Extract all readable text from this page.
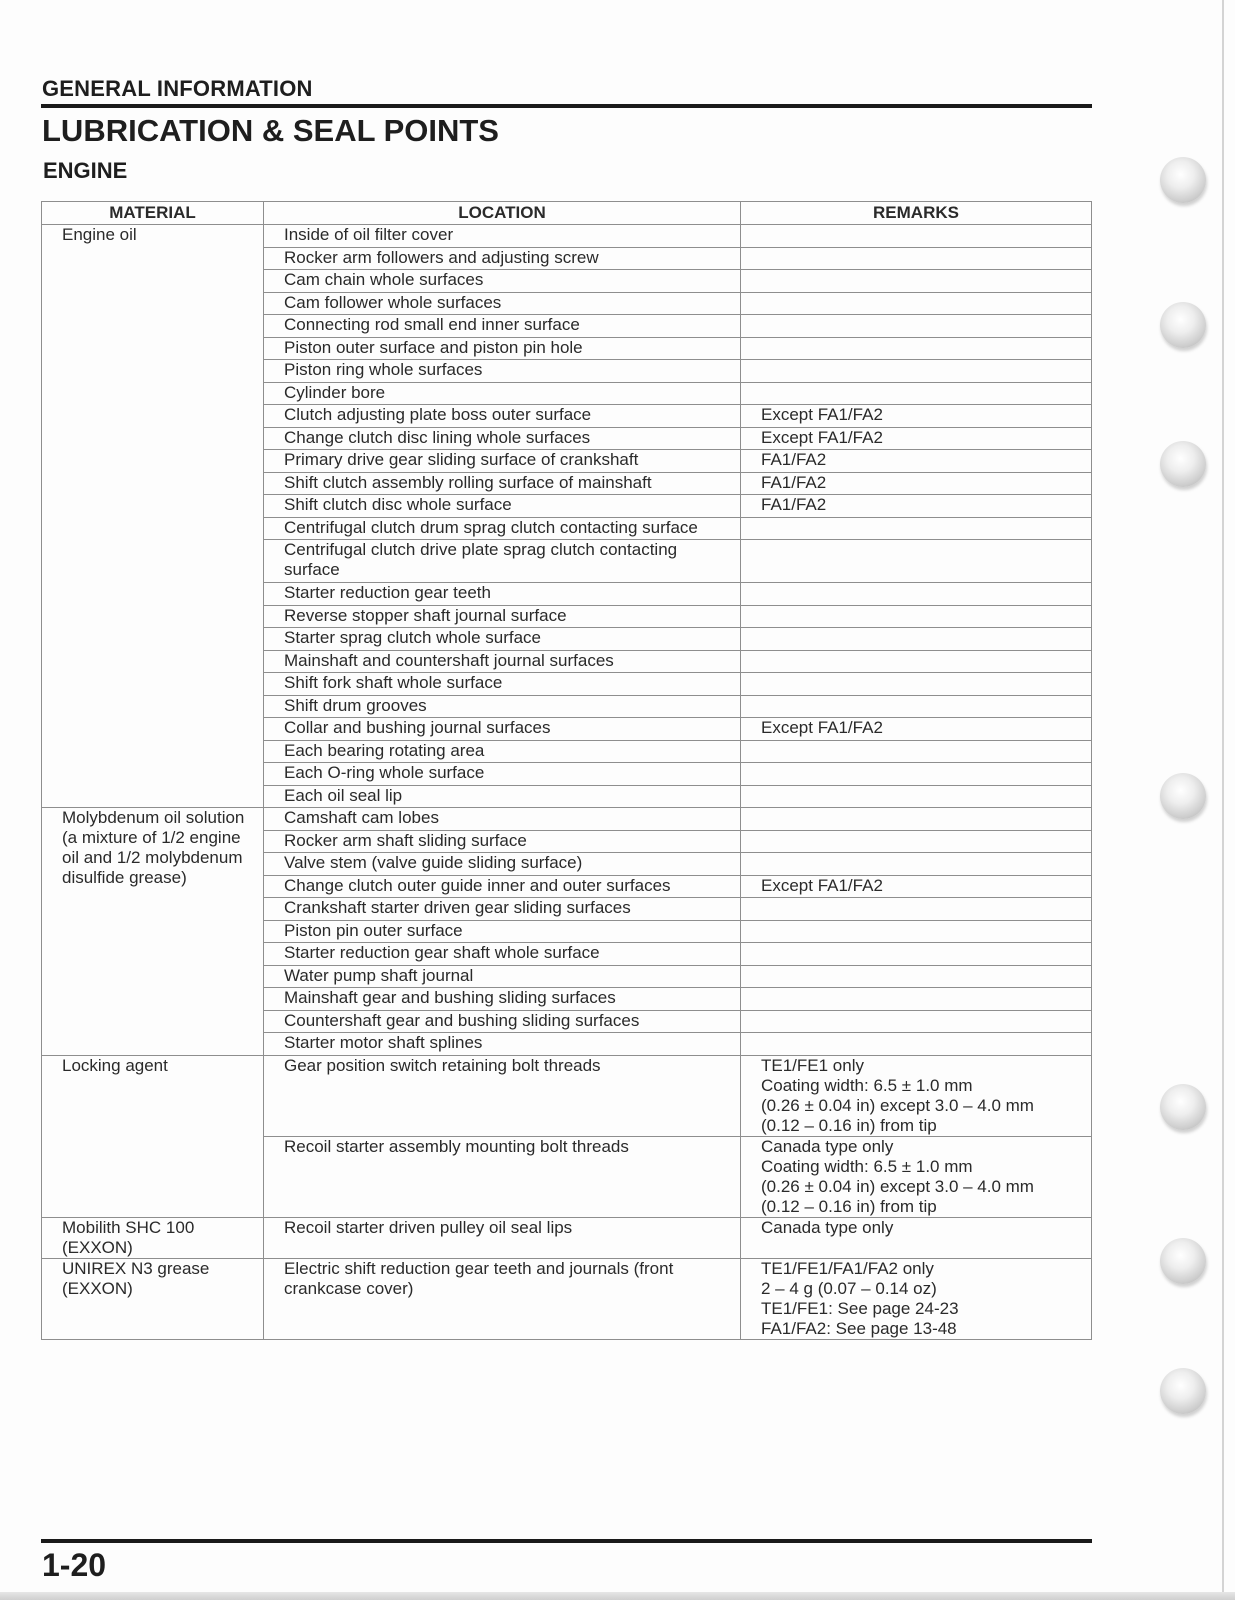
GENERAL INFORMATION
LUBRICATION & SEAL POINTS
ENGINE
MATERIAL	LOCATION	REMARKS
Engine oil	Inside of oil filter cover	
	Rocker arm followers and adjusting screw	
	Cam chain whole surfaces	
	Cam follower whole surfaces	
	Connecting rod small end inner surface	
	Piston outer surface and piston pin hole	
	Piston ring whole surfaces	
	Cylinder bore	
	Clutch adjusting plate boss outer surface	Except FA1/FA2
	Change clutch disc lining whole surfaces	Except FA1/FA2
	Primary drive gear sliding surface of crankshaft	FA1/FA2
	Shift clutch assembly rolling surface of mainshaft	FA1/FA2
	Shift clutch disc whole surface	FA1/FA2
	Centrifugal clutch drum sprag clutch contacting surface	
	Centrifugal clutch drive plate sprag clutch contacting surface	
	Starter reduction gear teeth	
	Reverse stopper shaft journal surface	
	Starter sprag clutch whole surface	
	Mainshaft and countershaft journal surfaces	
	Shift fork shaft whole surface	
	Shift drum grooves	
	Collar and bushing journal surfaces	Except FA1/FA2
	Each bearing rotating area	
	Each O-ring whole surface	
	Each oil seal lip	
Molybdenum oil solution (a mixture of 1/2 engine oil and 1/2 molybdenum disulfide grease)	Camshaft cam lobes	
	Rocker arm shaft sliding surface	
	Valve stem (valve guide sliding surface)	
	Change clutch outer guide inner and outer surfaces	Except FA1/FA2
	Crankshaft starter driven gear sliding surfaces	
	Piston pin outer surface	
	Starter reduction gear shaft whole surface	
	Water pump shaft journal	
	Mainshaft gear and bushing sliding surfaces	
	Countershaft gear and bushing sliding surfaces	
	Starter motor shaft splines	
Locking agent	Gear position switch retaining bolt threads	TE1/FE1 only
Coating width: 6.5 ± 1.0 mm
(0.26 ± 0.04 in) except 3.0 – 4.0 mm
(0.12 – 0.16 in) from tip
	Recoil starter assembly mounting bolt threads	Canada type only
Coating width: 6.5 ± 1.0 mm
(0.26 ± 0.04 in) except 3.0 – 4.0 mm
(0.12 – 0.16 in) from tip
Mobilith SHC 100
(EXXON)	Recoil starter driven pulley oil seal lips	Canada type only
UNIREX N3 grease
(EXXON)	Electric shift reduction gear teeth and journals (front crankcase cover)	TE1/FE1/FA1/FA2 only
2 – 4 g (0.07 – 0.14 oz)
TE1/FE1: See page 24-23
FA1/FA2: See page 13-48
1-20
